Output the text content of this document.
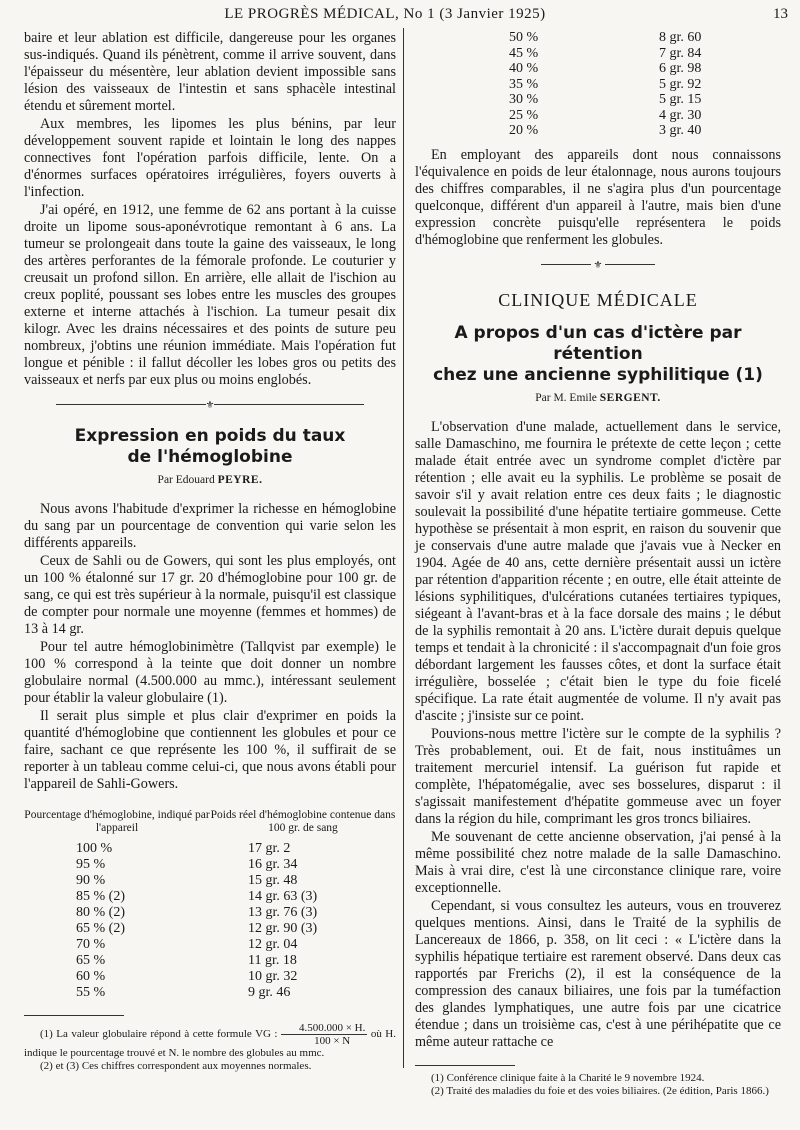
LE PROGRÈS MÉDICAL, No 1 (3 Janvier 1925)	13

baire et leur ablation est difficile, dangereuse pour les organes sus-indiqués. Quand ils pénètrent, comme il arrive souvent, dans l'épaisseur du mésentère, leur ablation devient impossible sans lésion des vaisseaux de l'intestin et sans sphacèle intestinal étendu et sûrement mortel.

Aux membres, les lipomes les plus bénins, par leur développement souvent rapide et lointain le long des nappes connectives font l'opération parfois difficile, lente. On a d'énormes surfaces opératoires irrégulières, foyers ouverts à l'infection.

J'ai opéré, en 1912, une femme de 62 ans portant à la cuisse droite un lipome sous-aponévrotique remontant à 6 ans. La tumeur se prolongeait dans toute la gaine des vaisseaux, le long des artères perforantes de la fémorale profonde. Le couturier y creusait un profond sillon. En arrière, elle allait de l'ischion au creux poplité, poussant ses lobes entre les muscles des groupes externe et interne attachés à l'ischion. La tumeur pesait dix kilogr. Avec les drains nécessaires et des points de suture peu nombreux, j'obtins une réunion immédiate. Mais l'opération fut longue et pénible : il fallut décoller les lobes gros ou petits des vaisseaux et nerfs par eux plus ou moins englobés.

⚜
Expression en poids du taux
de l'hémoglobine
Par Edouard PEYRE.

Nous avons l'habitude d'exprimer la richesse en hémoglobine du sang par un pourcentage de convention qui varie selon les différents appareils.

Ceux de Sahli ou de Gowers, qui sont les plus employés, ont un 100 % étalonné sur 17 gr. 20 d'hémoglobine pour 100 gr. de sang, ce qui est très supérieur à la normale, puisqu'il est classique de compter pour normale une moyenne (femmes et hommes) de 13 à 14 gr.

Pour tel autre hémoglobinimètre (Tallqvist par exemple) le 100 % correspond à la teinte que doit donner un nombre globulaire normal (4.500.000 au mmc.), intéressant seulement pour établir la valeur globulaire (1).

Il serait plus simple et plus clair d'exprimer en poids la quantité d'hémoglobine que contiennent les globules et pour ce faire, sachant ce que représente les 100 %, il suffirait de se reporter à un tableau comme celui-ci, que nous avons établi pour l'appareil de Sahli-Gowers.

Pourcentage d'hémoglobine, indiqué par l'appareil
Poids réel d'hémoglobine contenue dans 100 gr. de sang
100 %	17 gr. 2
95 %	16 gr. 34
90 %	15 gr. 48
85 % (2)	14 gr. 63 (3)
80 % (2)	13 gr. 76 (3)
65 % (2)	12 gr. 90 (3)
70 %	12 gr. 04
65 %	11 gr. 18
60 %	10 gr. 32
55 %	9 gr. 46

(1) La valeur globulaire répond à cette formule VG : $\frac{4.500.000 \times H.}{100 \times N}$ où H. indique le pourcentage trouvé et N. le nombre des globules au mmc.

(2) et (3) Ces chiffres correspondent aux moyennes normales.

50 %	8 gr. 60
45 %	7 gr. 84
40 %	6 gr. 98
35 %	5 gr. 92
30 %	5 gr. 15
25 %	4 gr. 30
20 %	3 gr. 40

En employant des appareils dont nous connaissons l'équivalence en poids de leur étalonnage, nous aurons toujours des chiffres comparables, il ne s'agira plus d'un pourcentage quelconque, différent d'un appareil à l'autre, mais bien d'une expression concrète puisqu'elle représentera le poids d'hémoglobine que renferment les globules.

⚜
CLINIQUE MÉDICALE
A propos d'un cas d'ictère par rétention
chez une ancienne syphilitique (1)
Par M. Emile SERGENT.

L'observation d'une malade, actuellement dans le service, salle Damaschino, me fournira le prétexte de cette leçon ; cette malade était entrée avec un syndrome complet d'ictère par rétention ; elle avait eu la syphilis. Le problème se posait de savoir s'il y avait relation entre ces deux faits ; le diagnostic soulevait la possibilité d'une hépatite tertiaire gommeuse. Cette hypothèse se présentait à mon esprit, en raison du souvenir que je conservais d'une autre malade que j'avais vue à Necker en 1904. Agée de 40 ans, cette dernière présentait aussi un ictère par rétention d'apparition récente ; en outre, elle était atteinte de lésions syphilitiques, d'ulcérations cutanées tertiaires typiques, siégeant à l'avant-bras et à la face dorsale des mains ; le début de la syphilis remontait à 20 ans. L'ictère durait depuis quelque temps et tendait à la chronicité : il s'accompagnait d'un foie gros débordant largement les fausses côtes, et dont la surface était irrégulière, bosselée ; c'était bien le type du foie ficelé spécifique. La rate était augmentée de volume. Il n'y avait pas d'ascite ; j'insiste sur ce point.

Pouvions-nous mettre l'ictère sur le compte de la syphilis ? Très probablement, oui. Et de fait, nous instituâmes un traitement mercuriel intensif. La guérison fut rapide et complète, l'hépatomégalie, avec ses bosselures, disparut : il s'agissait manifestement d'hépatite gommeuse avec un foyer dans la région du hile, comprimant les gros troncs biliaires.

Me souvenant de cette ancienne observation, j'ai pensé à la même possibilité chez notre malade de la salle Damaschino. Mais à vrai dire, c'est là une circonstance clinique rare, voire exceptionnelle.

Cependant, si vous consultez les auteurs, vous en trouverez quelques mentions. Ainsi, dans le Traité de la syphilis de Lancereaux de 1866, p. 358, on lit ceci : « L'ictère dans la syphilis hépatique tertiaire est rarement observé. Dans deux cas rapportés par Frerichs (2), il est la conséquence de la compression des canaux biliaires, une fois par la tuméfaction des glandes lymphatiques, une autre fois par une cicatrice étendue ; dans un troisième cas, c'est à une périhépatite que ce même auteur rattache ce

(1) Conférence clinique faite à la Charité le 9 novembre 1924.

(2) Traité des maladies du foie et des voies biliaires. (2e édition, Paris 1866.)
